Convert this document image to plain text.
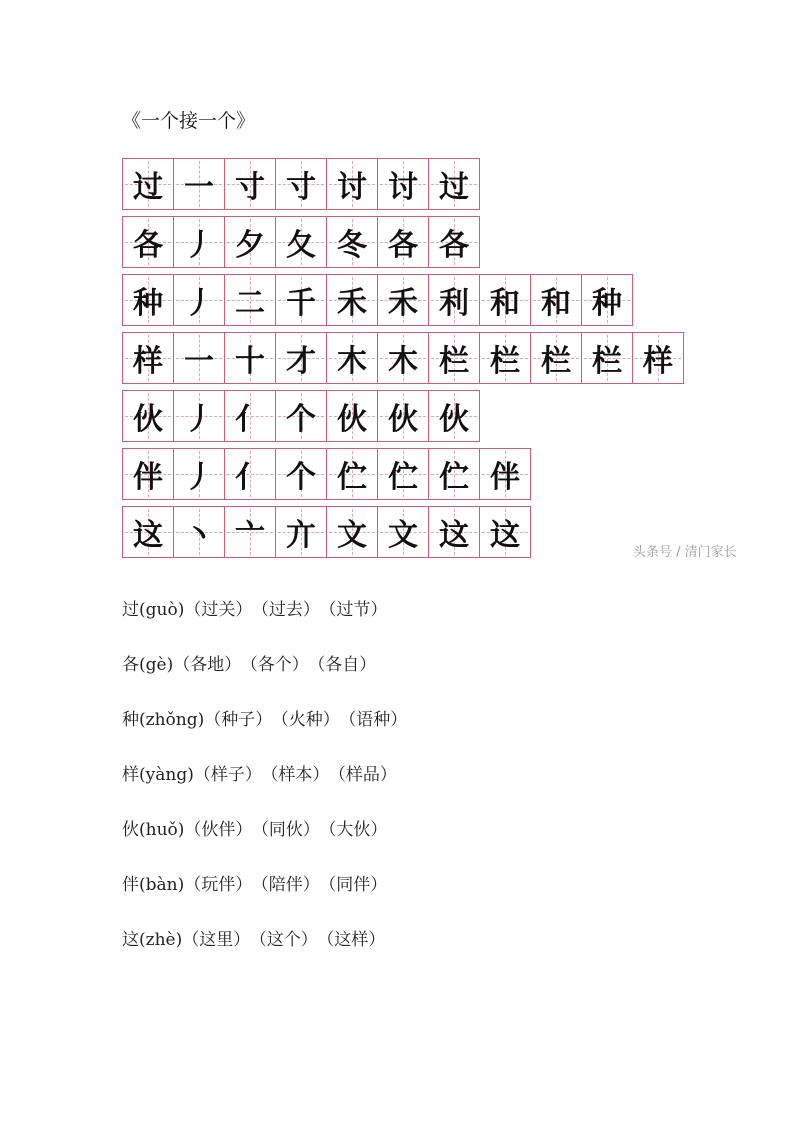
《一个接一个》
过 一 寸 寸 讨 讨 过
各 丿 夕 夂 冬 各 各
种 丿 二 千 禾 禾 利 和 和 种
样 一 十 才 木 木 栏 栏 栏 栏 样
伙 丿 亻 个 伙 伙 伙
伴 丿 亻 个 伫 伫 伫 伴
这 丶 亠 亣 文 文 这 这	头条号 / 清门家长
过(guò)（过关） （过去） （过节）
各(gè)（各地） （各个） （各自）
种(zhǒng)（种子） （火种） （语种）
样(yàng)（样子） （样本） （样品）
伙(huǒ)（伙伴） （同伙） （大伙）
伴(bàn)（玩伴） （陪伴） （同伴）
这(zhè)（这里） （这个） （这样）
